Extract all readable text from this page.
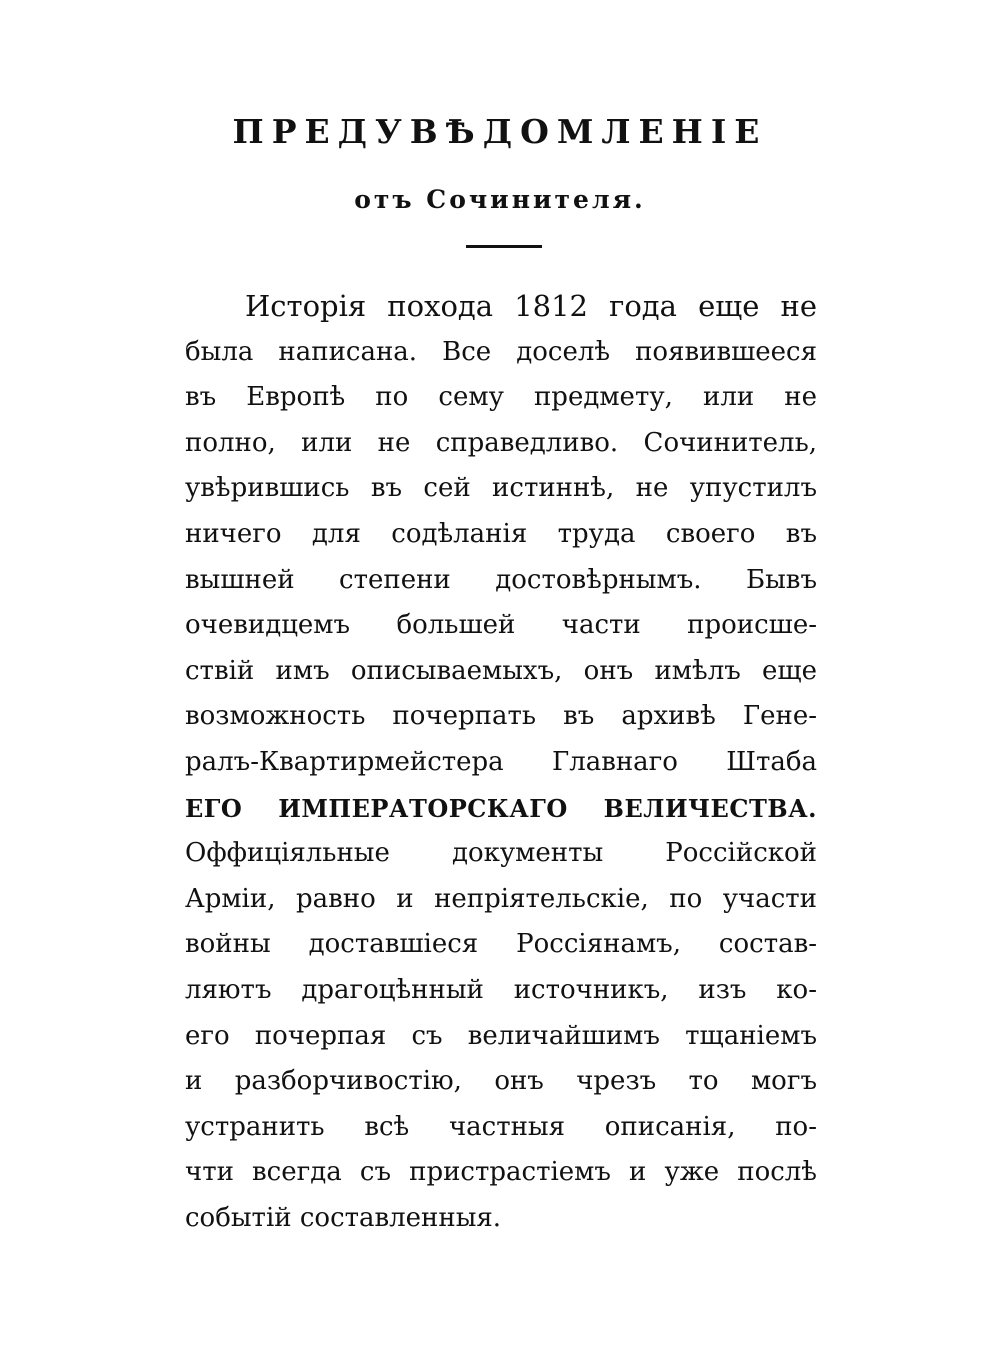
ПРЕДУВѢДОМЛЕНІЕ
отъ Сочинителя.
Исторія похода 1812 года еще не
была написана. Все доселѣ появившееся
въ Европѣ по сему предмету, или не
полно, или не справедливо. Сочинитель,
увѣрившись въ сей истиннѣ, не упустилъ
ничего для содѣланія труда своего въ
вышней степени достовѣрнымъ. Бывъ
очевидцемъ большей части происше-
ствій имъ описываемыхъ, онъ имѣлъ еще
возможность почерпать въ архивѣ Гене-
ралъ-Квартирмейстера Главнаго Штаба
ЕГО ИМПЕРАТОРСКАГО ВЕЛИЧЕСТВА.
Оффиціяльные документы Россійской
Арміи, равно и непріятельскіе, по участи
войны доставшіеся Россіянамъ, состав-
ляютъ драгоцѣнный источникъ, изъ ко-
его почерпая съ величайшимъ тщаніемъ
и разборчивостію, онъ чрезъ то могъ
устранить всѣ частныя описанія, по-
чти всегда съ пристрастіемъ и уже послѣ
событій составленныя.
